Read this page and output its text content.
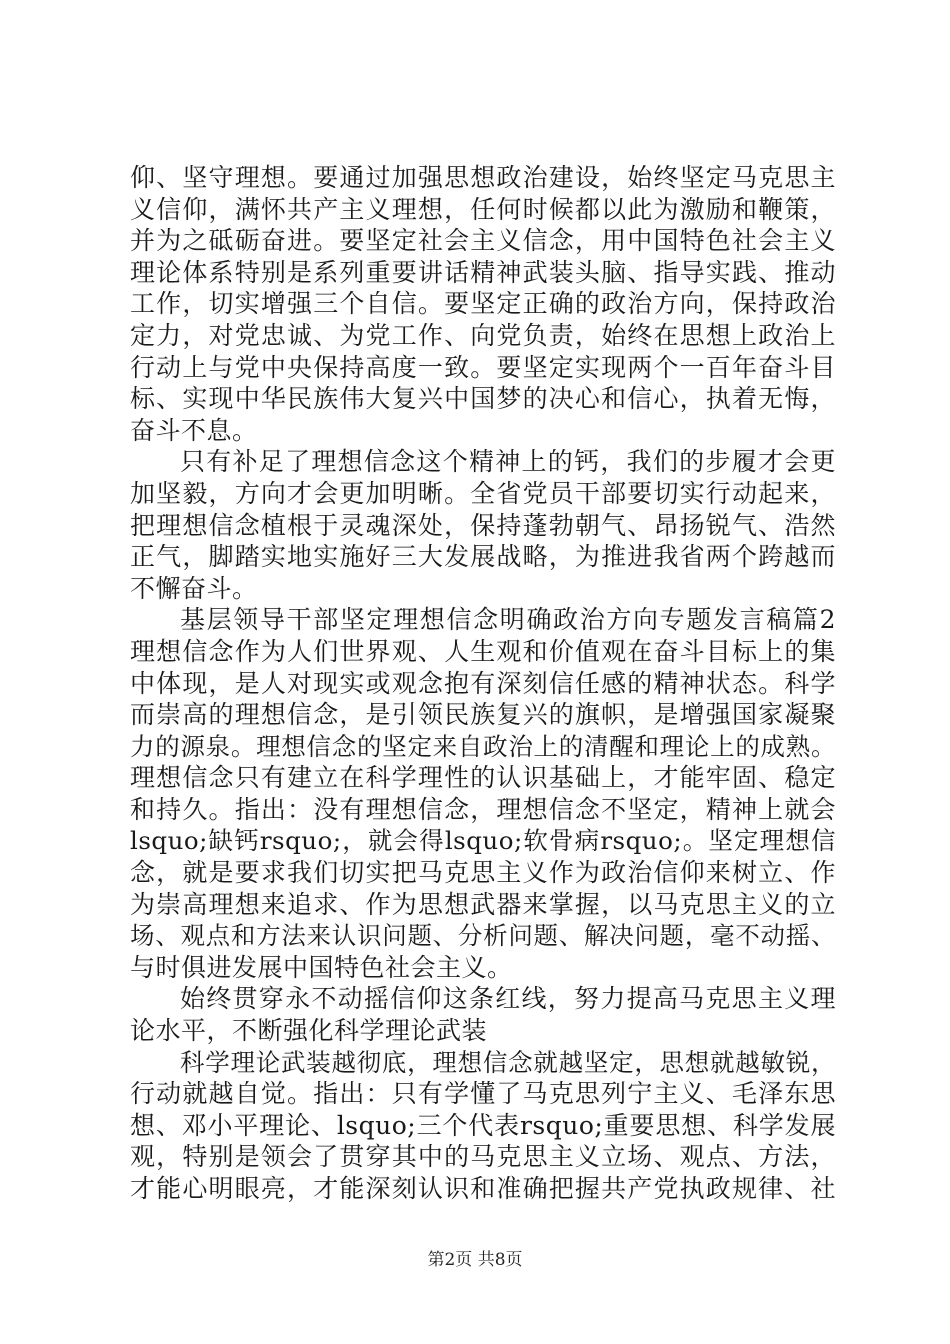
仰、坚守理想。要通过加强思想政治建设，始终坚定马克思主
义信仰，满怀共产主义理想，任何时候都以此为激励和鞭策，
并为之砥砺奋进。要坚定社会主义信念，用中国特色社会主义
理论体系特别是系列重要讲话精神武装头脑、指导实践、推动
工作，切实增强三个自信。要坚定正确的政治方向，保持政治
定力，对党忠诚、为党工作、向党负责，始终在思想上政治上
行动上与党中央保持高度一致。要坚定实现两个一百年奋斗目
标、实现中华民族伟大复兴中国梦的决心和信心，执着无悔，
奋斗不息。
只有补足了理想信念这个精神上的钙，我们的步履才会更
加坚毅，方向才会更加明晰。全省党员干部要切实行动起来，
把理想信念植根于灵魂深处，保持蓬勃朝气、昂扬锐气、浩然
正气，脚踏实地实施好三大发展战略，为推进我省两个跨越而
不懈奋斗。
基层领导干部坚定理想信念明确政治方向专题发言稿篇2
理想信念作为人们世界观、人生观和价值观在奋斗目标上的集
中体现，是人对现实或观念抱有深刻信任感的精神状态。科学
而崇高的理想信念，是引领民族复兴的旗帜，是增强国家凝聚
力的源泉。理想信念的坚定来自政治上的清醒和理论上的成熟。
理想信念只有建立在科学理性的认识基础上，才能牢固、稳定
和持久。指出：没有理想信念，理想信念不坚定，精神上就会
lsquo;缺钙rsquo;，就会得lsquo;软骨病rsquo;。坚定理想信
念，就是要求我们切实把马克思主义作为政治信仰来树立、作
为崇高理想来追求、作为思想武器来掌握，以马克思主义的立
场、观点和方法来认识问题、分析问题、解决问题，毫不动摇、
与时俱进发展中国特色社会主义。
始终贯穿永不动摇信仰这条红线，努力提高马克思主义理
论水平，不断强化科学理论武装
科学理论武装越彻底，理想信念就越坚定，思想就越敏锐，
行动就越自觉。指出：只有学懂了马克思列宁主义、毛泽东思
想、邓小平理论、lsquo;三个代表rsquo;重要思想、科学发展
观，特别是领会了贯穿其中的马克思主义立场、观点、方法，
才能心明眼亮，才能深刻认识和准确把握共产党执政规律、社
第2页 共8页
